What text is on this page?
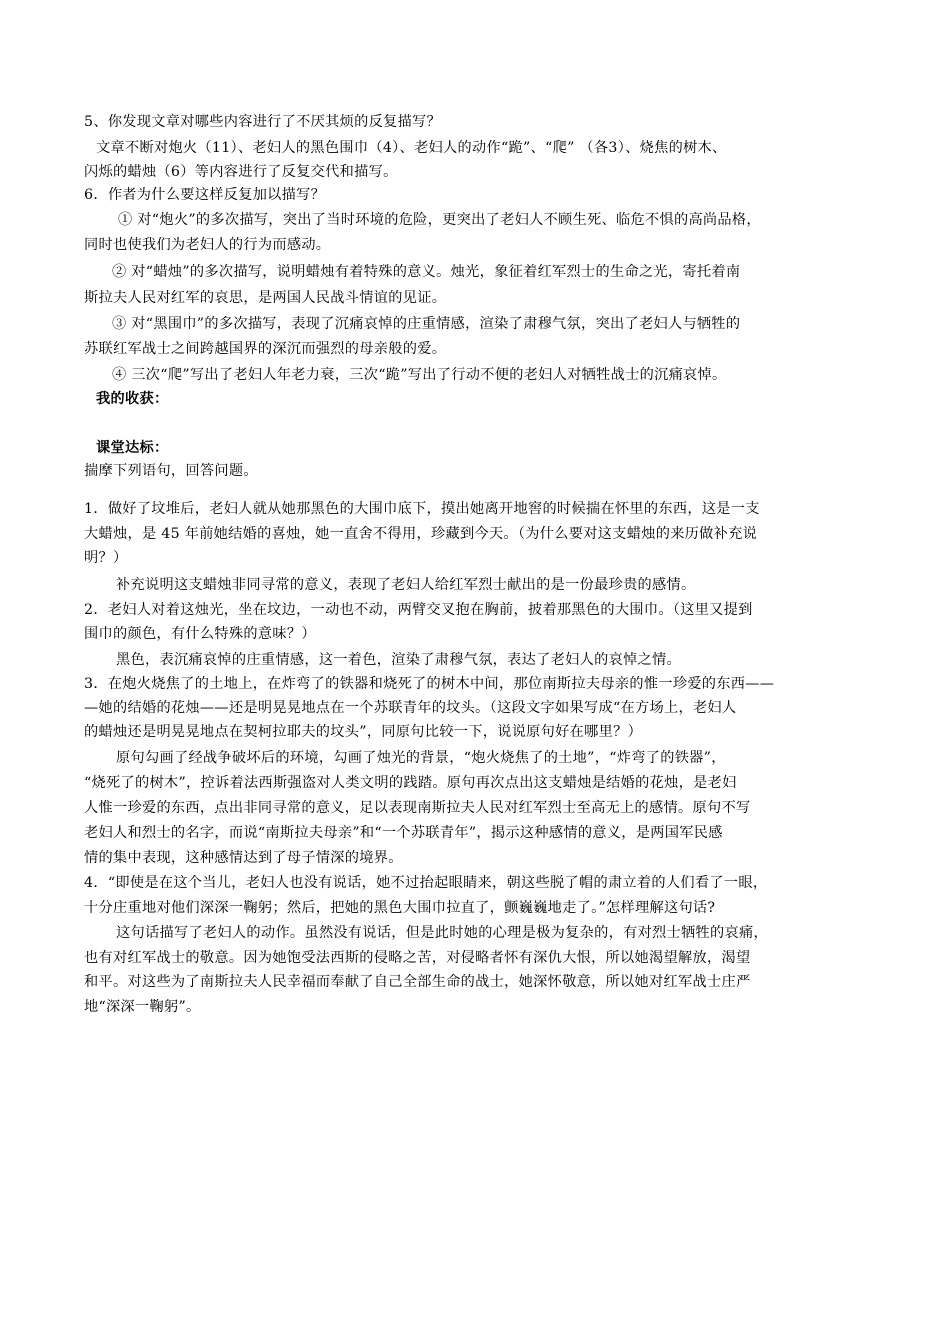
5、你发现文章对哪些内容进行了不厌其烦的反复描写？
文章不断对炮火（11）、老妇人的黑色围巾（4）、老妇人的动作“跪”、“爬” （各3）、烧焦的树木、
闪烁的蜡烛（6）等内容进行了反复交代和描写。
6．作者为什么要这样反复加以描写？
① 对“炮火”的多次描写，突出了当时环境的危险，更突出了老妇人不顾生死、临危不惧的高尚品格，
同时也使我们为老妇人的行为而感动。
② 对“蜡烛”的多次描写，说明蜡烛有着特殊的意义。烛光，象征着红军烈士的生命之光，寄托着南
斯拉夫人民对红军的哀思，是两国人民战斗情谊的见证。
③ 对“黑围巾”的多次描写，表现了沉痛哀悼的庄重情感，渲染了肃穆气氛，突出了老妇人与牺牲的
苏联红军战士之间跨越国界的深沉而强烈的母亲般的爱。
④ 三次“爬”写出了老妇人年老力衰，三次“跪”写出了行动不便的老妇人对牺牲战士的沉痛哀悼。
我的收获：
课堂达标：
揣摩下列语句，回答问题。
1．做好了坟堆后，老妇人就从她那黑色的大围巾底下，摸出她离开地窖的时候揣在怀里的东西，这是一支
大蜡烛，是 45 年前她结婚的喜烛，她一直舍不得用，珍藏到今天。（为什么要对这支蜡烛的来历做补充说
明？）
补充说明这支蜡烛非同寻常的意义，表现了老妇人给红军烈士献出的是一份最珍贵的感情。
2．老妇人对着这烛光，坐在坟边，一动也不动，两臂交叉抱在胸前，披着那黑色的大围巾。（这里又提到
围巾的颜色，有什么特殊的意味？）
黑色，表沉痛哀悼的庄重情感，这一着色，渲染了肃穆气氛，表达了老妇人的哀悼之情。
3．在炮火烧焦了的土地上，在炸弯了的铁器和烧死了的树木中间，那位南斯拉夫母亲的惟一珍爱的东西——
—她的结婚的花烛——还是明晃晃地点在一个苏联青年的坟头。（这段文字如果写成“在方场上，老妇人
的蜡烛还是明晃晃地点在契柯拉耶夫的坟头”，同原句比较一下，说说原句好在哪里？）
原句勾画了经战争破坏后的环境，勾画了烛光的背景，“炮火烧焦了的土地”，“炸弯了的铁器”，
“烧死了的树木”，控诉着法西斯强盗对人类文明的践踏。原句再次点出这支蜡烛是结婚的花烛，是老妇
人惟一珍爱的东西，点出非同寻常的意义，足以表现南斯拉夫人民对红军烈士至高无上的感情。原句不写
老妇人和烈士的名字，而说“南斯拉夫母亲”和“一个苏联青年”，揭示这种感情的意义，是两国军民感
情的集中表现，这种感情达到了母子情深的境界。
4．“即使是在这个当儿，老妇人也没有说话，她不过抬起眼睛来，朝这些脱了帽的肃立着的人们看了一眼，
十分庄重地对他们深深一鞠躬；然后，把她的黑色大围巾拉直了，颤巍巍地走了。”怎样理解这句话?
这句话描写了老妇人的动作。虽然没有说话，但是此时她的心理是极为复杂的，有对烈士牺牲的哀痛，
也有对红军战士的敬意。因为她饱受法西斯的侵略之苦，对侵略者怀有深仇大恨，所以她渴望解放，渴望
和平。对这些为了南斯拉夫人民幸福而奉献了自己全部生命的战士，她深怀敬意，所以她对红军战士庄严
地“深深一鞠躬”。
